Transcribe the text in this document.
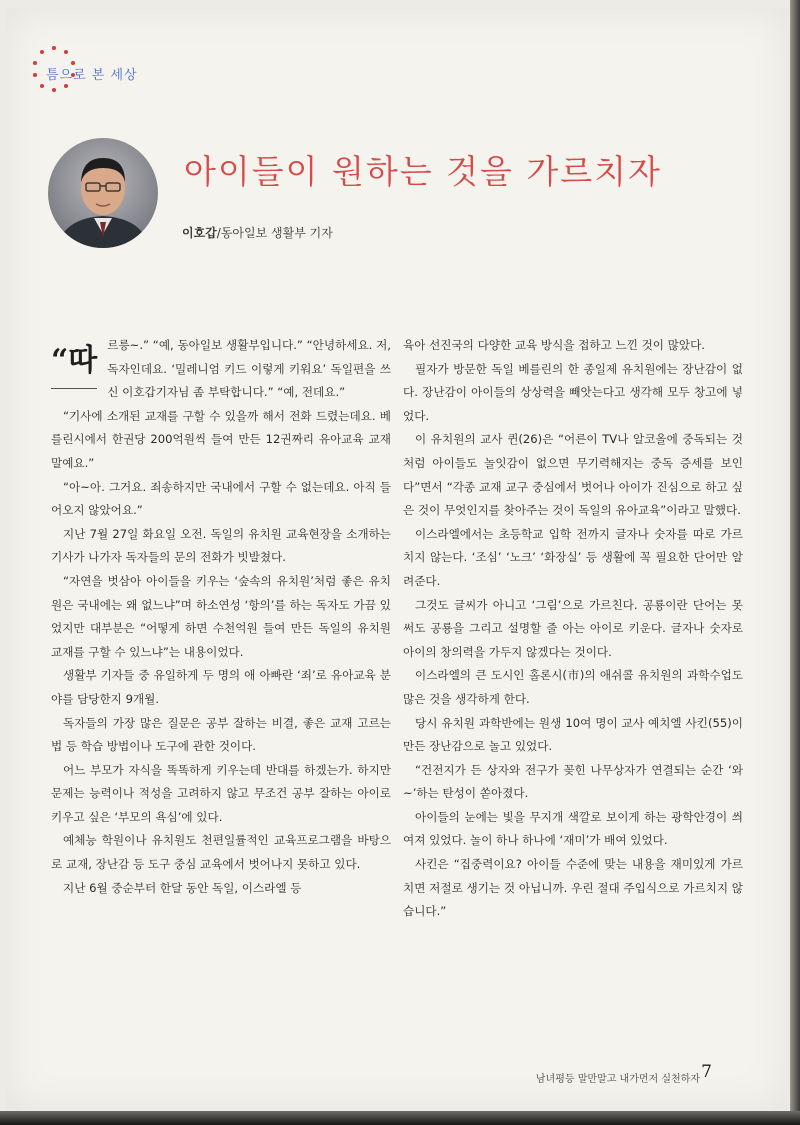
틈으로 본 세상
아이들이 원하는 것을 가르치자
이호갑/동아일보 생활부 기자
“따 르릉~.” “예, 동아일보 생활부입니다.” “안녕하세요. 저, 독자인데요. ‘밀레니엄 키드 이렇게 키워요’ 독일편을 쓰신 이호갑기자님 좀 부탁합니다.” “예, 전데요.”

“기사에 소개된 교재를 구할 수 있을까 해서 전화 드렸는데요. 베를린시에서 한권당 200억원씩 들여 만든 12권짜리 유아교육 교재말예요.”

“아~아. 그거요. 죄송하지만 국내에서 구할 수 없는데요. 아직 들어오지 않았어요.”

지난 7월 27일 화요일 오전. 독일의 유치원 교육현장을 소개하는 기사가 나가자 독자들의 문의 전화가 빗발쳤다.

“자연을 벗삼아 아이들을 키우는 ‘숲속의 유치원’처럼 좋은 유치원은 국내에는 왜 없느냐”며 하소연성 ‘항의’를 하는 독자도 가끔 있었지만 대부분은 “어떻게 하면 수천억원 들여 만든 독일의 유치원 교재를 구할 수 있느냐”는 내용이었다.

생활부 기자들 중 유일하게 두 명의 애 아빠란 ‘죄’로 유아교육 분야를 담당한지 9개월.

독자들의 가장 많은 질문은 공부 잘하는 비결, 좋은 교재 고르는 법 등 학습 방법이나 도구에 관한 것이다.

어느 부모가 자식을 똑똑하게 키우는데 반대를 하겠는가. 하지만 문제는 능력이나 적성을 고려하지 않고 무조건 공부 잘하는 아이로 키우고 싶은 ‘부모의 욕심’에 있다.

예체능 학원이나 유치원도 천편일률적인 교육프로그램을 바탕으로 교재, 장난감 등 도구 중심 교육에서 벗어나지 못하고 있다.

지난 6월 중순부터 한달 동안 독일, 이스라엘 등

육아 선진국의 다양한 교육 방식을 접하고 느낀 것이 많았다.

필자가 방문한 독일 베를린의 한 종일제 유치원에는 장난감이 없다. 장난감이 아이들의 상상력을 빼앗는다고 생각해 모두 창고에 넣었다.

이 유치원의 교사 퀸(26)은 “어른이 TV나 알코올에 중독되는 것처럼 아이들도 놀잇감이 없으면 무기력해지는 중독 증세를 보인다”면서 “각종 교재 교구 중심에서 벗어나 아이가 진심으로 하고 싶은 것이 무엇인지를 찾아주는 것이 독일의 유아교육”이라고 말했다.

이스라엘에서는 초등학교 입학 전까지 글자나 숫자를 따로 가르치지 않는다. ‘조심’ ‘노크’ ‘화장실’ 등 생활에 꼭 필요한 단어만 알려준다.

그것도 글씨가 아니고 ‘그림’으로 가르친다. 공룡이란 단어는 못써도 공룡을 그리고 설명할 줄 아는 아이로 키운다. 글자나 숫자로 아이의 창의력을 가두지 않겠다는 것이다.

이스라엘의 큰 도시인 홀론시(市)의 애쉬콜 유치원의 과학수업도 많은 것을 생각하게 한다.

당시 유치원 과학반에는 원생 10여 명이 교사 예치엘 사킨(55)이 만든 장난감으로 놀고 있었다.

“건전지가 든 상자와 전구가 꽂힌 나무상자가 연결되는 순간 ‘와~’하는 탄성이 쏟아졌다.

아이들의 눈에는 빛을 무지개 색깔로 보이게 하는 광학안경이 씌여져 있었다. 놀이 하나 하나에 ‘재미’가 배여 있었다.

사킨은 “집중력이요? 아이들 수준에 맞는 내용을 재미있게 가르치면 저절로 생기는 것 아닙니까. 우린 절대 주입식으로 가르치지 않습니다.”

남녀평등 말만말고 내가먼저 실천하자 7
